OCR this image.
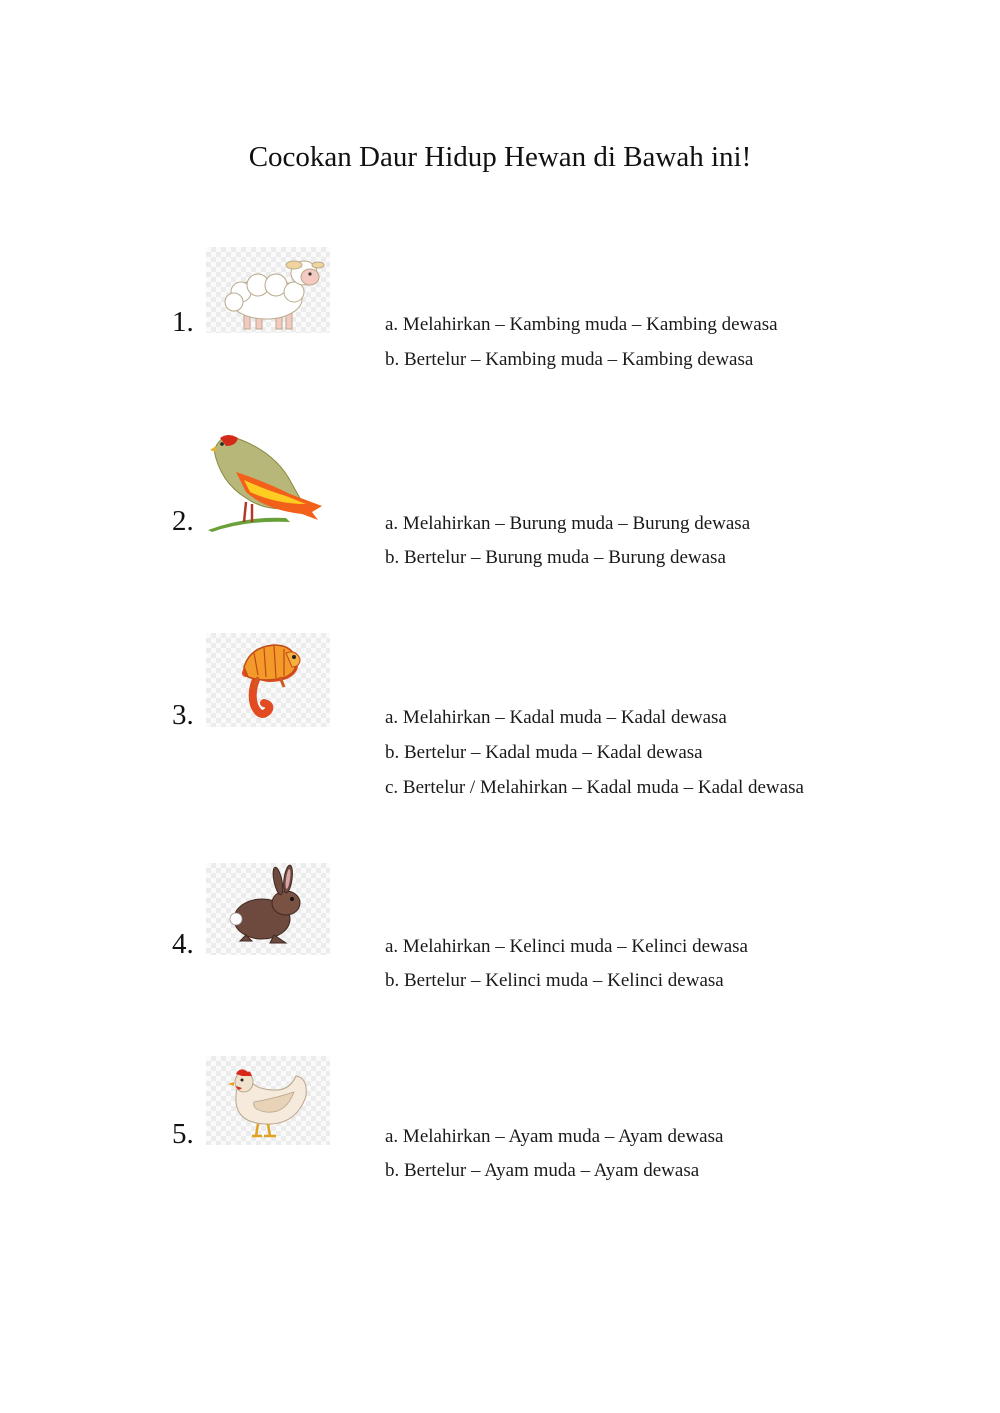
Cocokan Daur Hidup Hewan di Bawah ini!
1.	a. Melahirkan – Kambing muda – Kambing dewasa
b. Bertelur – Kambing muda – Kambing dewasa
2.	a. Melahirkan – Burung muda – Burung dewasa
b. Bertelur – Burung muda – Burung dewasa
3.	a. Melahirkan – Kadal muda – Kadal dewasa
b. Bertelur – Kadal muda – Kadal dewasa
c. Bertelur / Melahirkan – Kadal muda – Kadal dewasa
4.	a. Melahirkan – Kelinci muda – Kelinci dewasa
b. Bertelur – Kelinci muda – Kelinci dewasa
5.	a. Melahirkan – Ayam muda – Ayam dewasa
b. Bertelur – Ayam muda – Ayam dewasa
